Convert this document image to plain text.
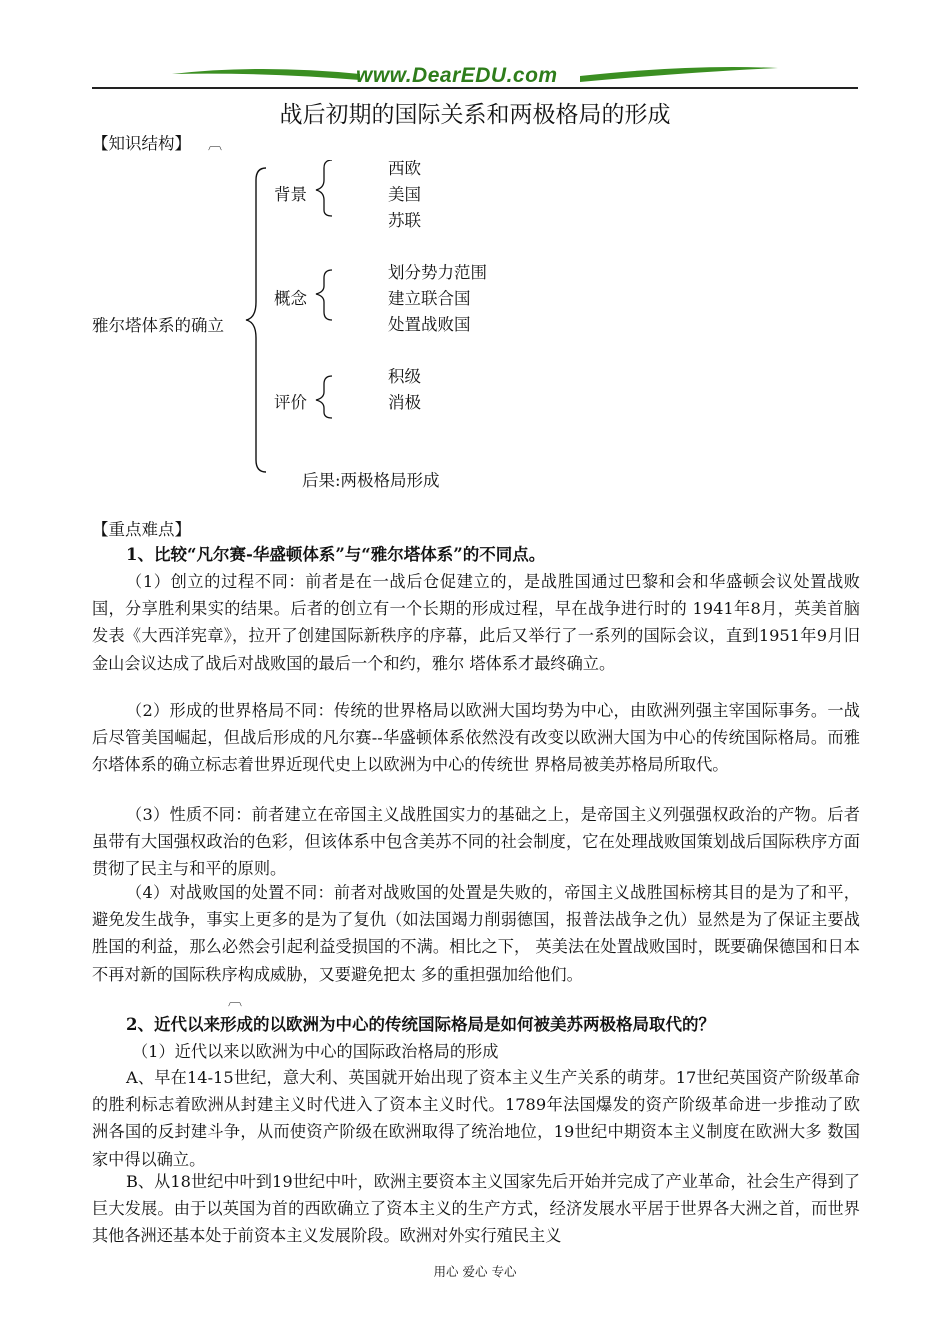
www.DearEDU.com
战后初期的国际关系和两极格局的形成
【知识结构】 ︹
雅尔塔体系的确立
背景
西欧
美国
苏联
概念
划分势力范围
建立联合国
处置战败国
评价
积级
消极
后果:两极格局形成
【重点难点】
1、比较“凡尔赛-华盛顿体系”与“雅尔塔体系”的不同点。
（1）创立的过程不同：前者是在一战后仓促建立的，是战胜国通过巴黎和会和华盛顿会议处置战败国，分享胜利果实的结果。后者的创立有一个长期的形成过程，早在战争进行时的 1941年8月，英美首脑发表《大西洋宪章》，拉开了创建国际新秩序的序幕，此后又举行了一系列的国际会议，直到1951年9月旧金山会议达成了战后对战败国的最后一个和约，雅尔 塔体系才最终确立。
（2）形成的世界格局不同：传统的世界格局以欧洲大国均势为中心，由欧洲列强主宰国际事务。一战后尽管美国崛起，但战后形成的凡尔赛--华盛顿体系依然没有改变以欧洲大国为中心的传统国际格局。而雅尔塔体系的确立标志着世界近现代史上以欧洲为中心的传统世 界格局被美苏格局所取代。
（3）性质不同：前者建立在帝国主义战胜国实力的基础之上，是帝国主义列强强权政治的产物。后者虽带有大国强权政治的色彩，但该体系中包含美苏不同的社会制度，它在处理战败国策划战后国际秩序方面贯彻了民主与和平的原则。
（4）对战败国的处置不同：前者对战败国的处置是失败的，帝国主义战胜国标榜其目的是为了和平，避免发生战争，事实上更多的是为了复仇（如法国竭力削弱德国，报普法战争之仇）显然是为了保证主要战胜国的利益，那么必然会引起利益受损国的不满。相比之下， 英美法在处置战败国时，既要确保德国和日本不再对新的国际秩序构成威胁，又要避免把太 多的重担强加给他们。
︹
2、近代以来形成的以欧洲为中心的传统国际格局是如何被美苏两极格局取代的？
（1）近代以来以欧洲为中心的国际政治格局的形成
A、早在14-15世纪，意大利、英国就开始出现了资本主义生产关系的萌芽。17世纪英国资产阶级革命的胜利标志着欧洲从封建主义时代进入了资本主义时代。1789年法国爆发的资产阶级革命进一步推动了欧洲各国的反封建斗争，从而使资产阶级在欧洲取得了统治地位，19世纪中期资本主义制度在欧洲大多 数国家中得以确立。
B、从18世纪中叶到19世纪中叶，欧洲主要资本主义国家先后开始并完成了产业革命，社会生产得到了巨大发展。由于以英国为首的西欧确立了资本主义的生产方式，经济发展水平居于世界各大洲之首，而世界其他各洲还基本处于前资本主义发展阶段。欧洲对外实行殖民主义
用心 爱心 专心
